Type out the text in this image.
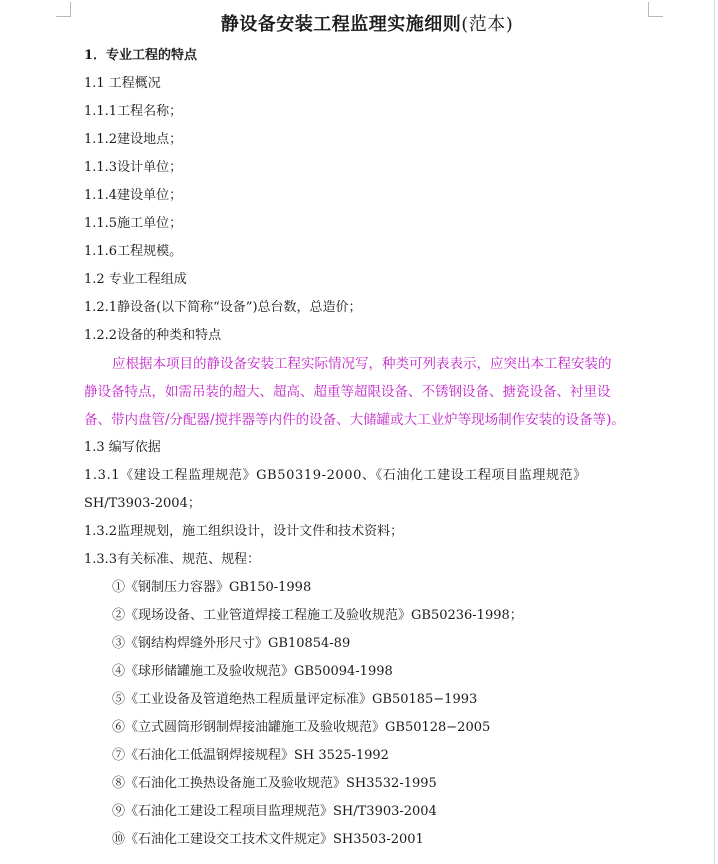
静设备安装工程监理实施细则(范本)
1．专业工程的特点
1.1 工程概况
1.1.1工程名称；
1.1.2建设地点；
1.1.3设计单位；
1.1.4建设单位；
1.1.5施工单位；
1.1.6工程规模。
1.2 专业工程组成
1.2.1静设备(以下简称“设备”)总台数，总造价；
1.2.2设备的种类和特点
应根据本项目的静设备安装工程实际情况写，种类可列表表示，应突出本工程安装的
静设备特点，如需吊装的超大、超高、超重等超限设备、不锈钢设备、搪瓷设备、衬里设
备、带内盘管/分配器/搅拌器等内件的设备、大储罐或大工业炉等现场制作安装的设备等)。
1.3 编写依据
1.3.1《建设工程监理规范》GB50319-2000、《石油化工建设工程项目监理规范》
SH/T3903-2004；
1.3.2监理规划，施工组织设计，设计文件和技术资料；
1.3.3有关标准、规范、规程：
①《钢制压力容器》GB150-1998
②《现场设备、工业管道焊接工程施工及验收规范》GB50236-1998；
③《钢结构焊缝外形尺寸》GB10854-89
④《球形储罐施工及验收规范》GB50094-1998
⑤《工业设备及管道绝热工程质量评定标准》GB50185−1993
⑥《立式圆筒形钢制焊接油罐施工及验收规范》GB50128−2005
⑦《石油化工低温钢焊接规程》SH 3525-1992
⑧《石油化工换热设备施工及验收规范》SH3532-1995
⑨《石油化工建设工程项目监理规范》SH/T3903-2004
⑩《石油化工建设交工技术文件规定》SH3503-2001
